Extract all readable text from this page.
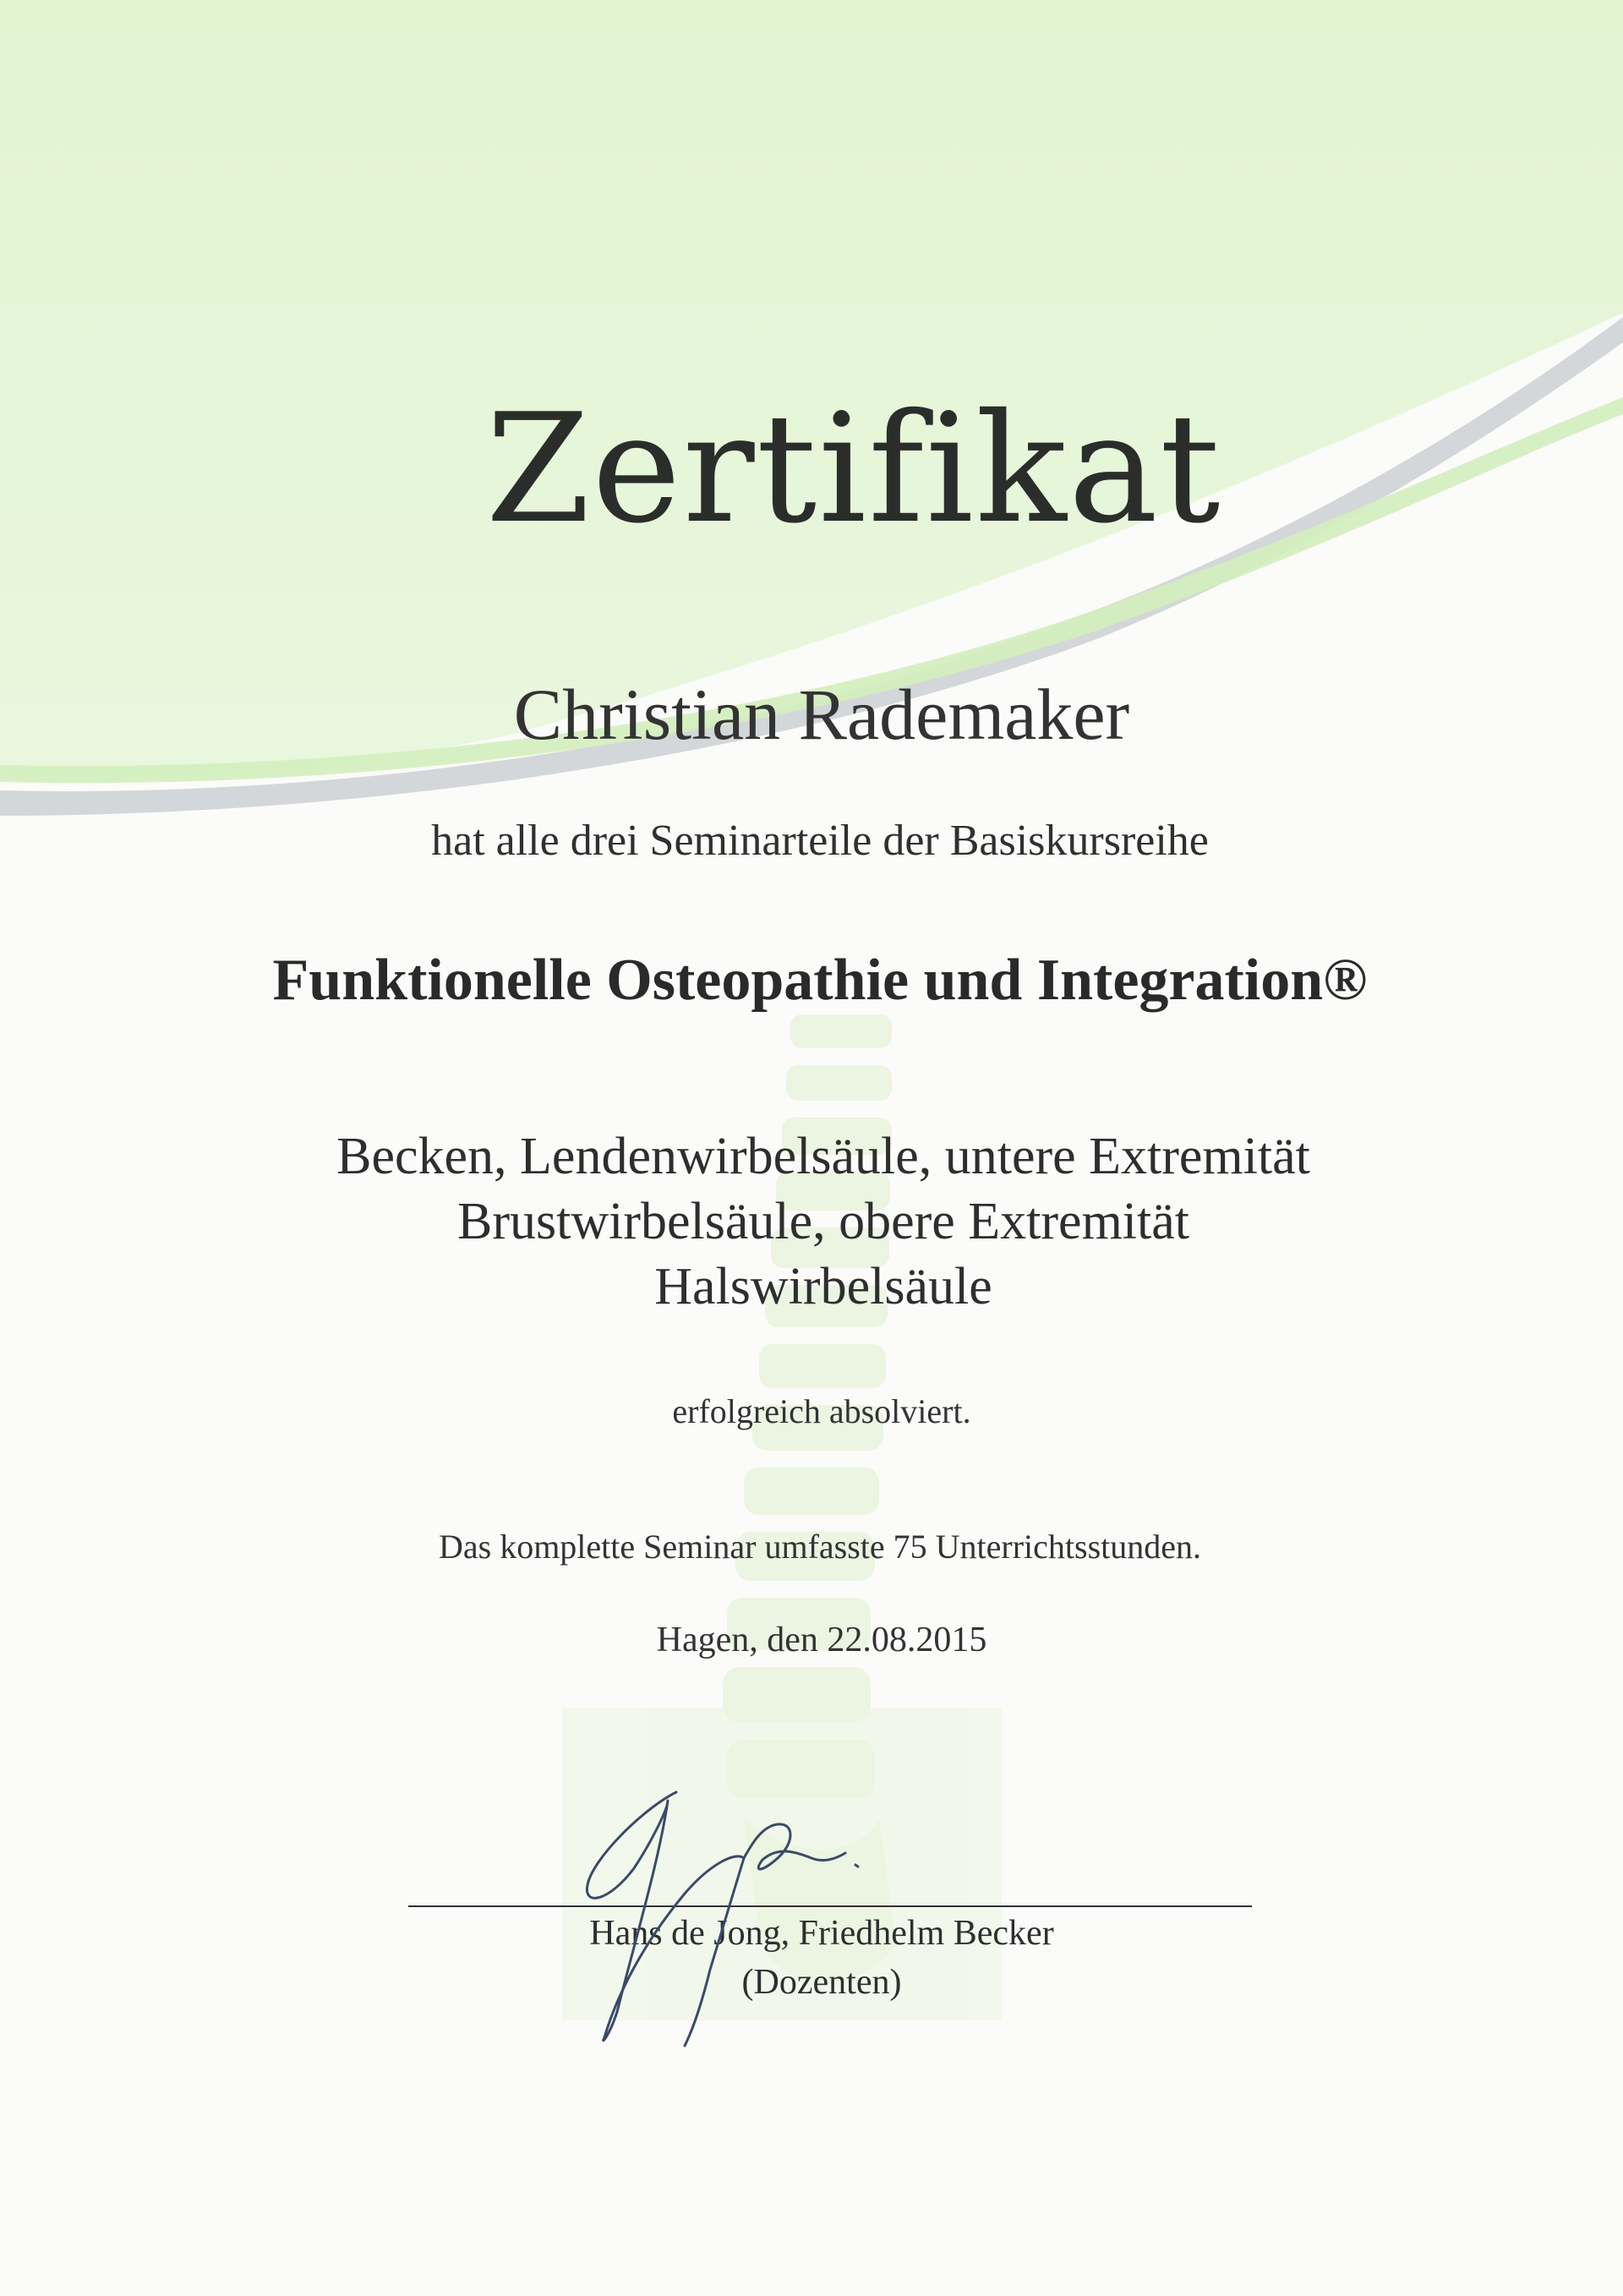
Zertifikat
Christian Rademaker
hat alle drei Seminarteile der Basiskursreihe
Funktionelle Osteopathie und Integration®
Becken, Lendenwirbelsäule, untere Extremität
Brustwirbelsäule, obere Extremität
Halswirbelsäule
erfolgreich absolviert.
Das komplette Seminar umfasste 75 Unterrichtsstunden.
Hagen, den 22.08.2015
Hans de Jong, Friedhelm Becker
(Dozenten)
